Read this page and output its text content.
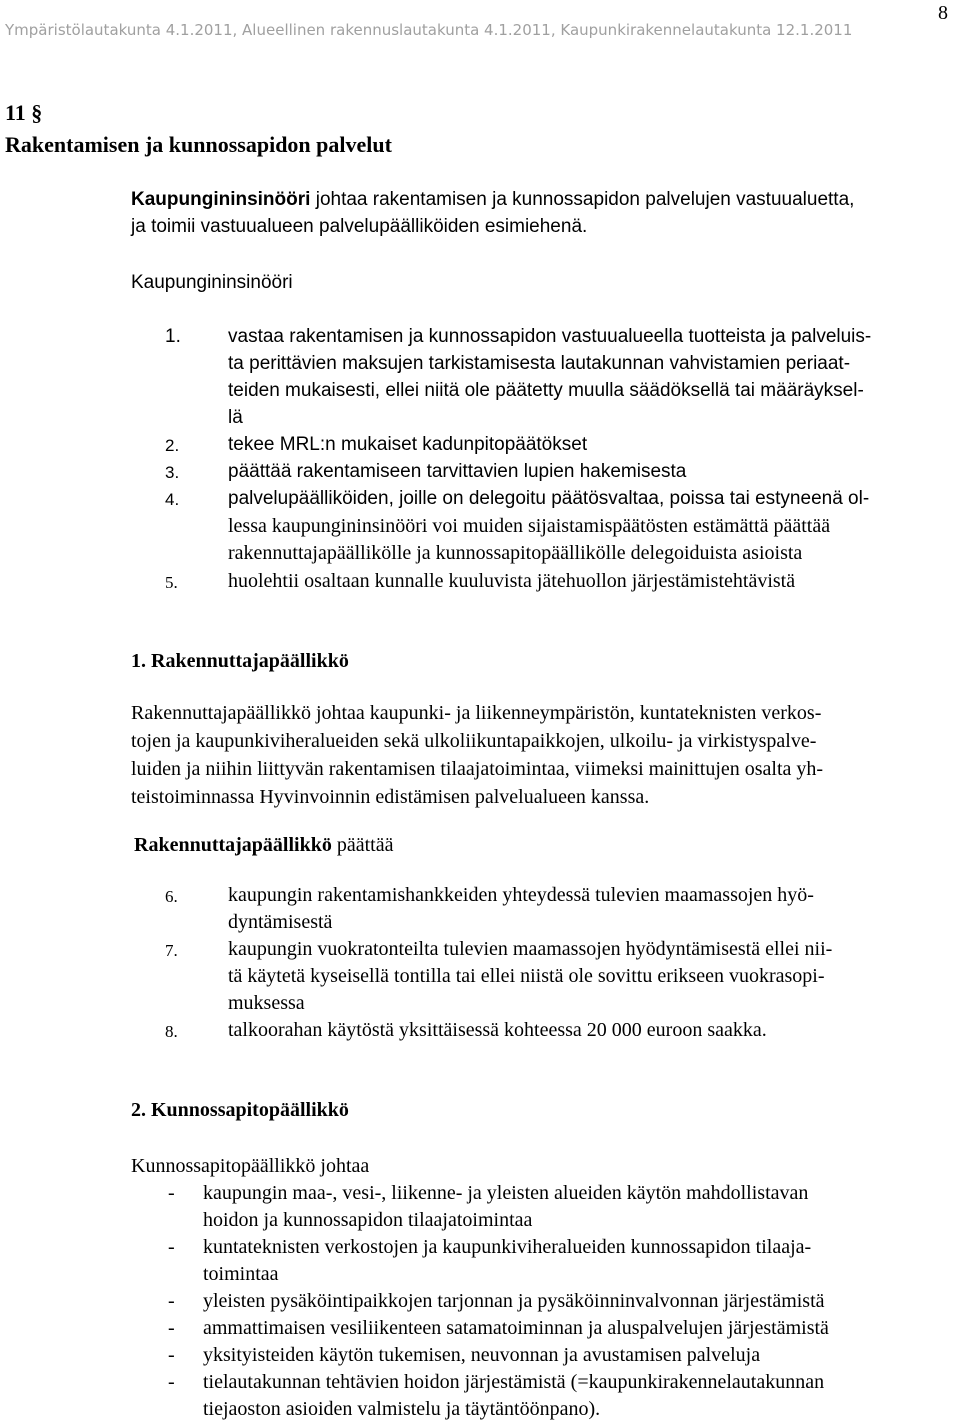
Ympäristölautakunta 4.1.2011, Alueellinen rakennuslautakunta 4.1.2011, Kaupunkirakennelautakunta 12.1.2011
8
11 §
Rakentamisen ja kunnossapidon palvelut
Kaupungininsinööri johtaa rakentamisen ja kunnossapidon palvelujen vastuualuetta,
ja toimii vastuualueen palvelupäälliköiden esimiehenä.
Kaupungininsinööri
1. vastaa rakentamisen ja kunnossapidon vastuualueella tuotteista ja palveluis-
ta perittävien maksujen tarkistamisesta lautakunnan vahvistamien periaat-
teiden mukaisesti, ellei niitä ole päätetty muulla säädöksellä tai määräyksel-
lä
2.	tekee MRL:n mukaiset kadunpitopäätökset
3.	päättää rakentamiseen tarvittavien lupien hakemisesta
4.	palvelupäälliköiden, joille on delegoitu päätösvaltaa, poissa tai estyneenä ol-
lessa kaupungininsinööri voi muiden sijaistamispäätösten estämättä päättää
rakennuttajapäällikölle ja kunnossapitopäällikölle delegoiduista asioista
5.	huolehtii osaltaan kunnalle kuuluvista jätehuollon järjestämistehtävistä
1. Rakennuttajapäällikkö
Rakennuttajapäällikkö johtaa kaupunki- ja liikenneympäristön, kuntateknisten verkos-
tojen ja kaupunkiviheralueiden sekä ulkoliikuntapaikkojen, ulkoilu- ja virkistyspalve-
luiden ja niihin liittyvän rakentamisen tilaajatoimintaa, viimeksi mainittujen osalta yh-
teistoiminnassa Hyvinvoinnin edistämisen palvelualueen kanssa.
Rakennuttajapäällikkö päättää
6.	kaupungin rakentamishankkeiden yhteydessä tulevien maamassojen hyö-
dyntämisestä
7.	kaupungin vuokratonteilta tulevien maamassojen hyödyntämisestä ellei nii-
tä käytetä kyseisellä tontilla tai ellei niistä ole sovittu erikseen vuokrasopi-
muksessa
8.	talkoorahan käytöstä yksittäisessä kohteessa 20 000 euroon saakka.
2. Kunnossapitopäällikkö
Kunnossapitopäällikkö johtaa
- kaupungin maa-, vesi-, liikenne- ja yleisten alueiden käytön mahdollistavan
hoidon ja kunnossapidon tilaajatoimintaa
- kuntateknisten verkostojen ja kaupunkiviheralueiden kunnossapidon tilaaja-
toimintaa
- yleisten pysäköintipaikkojen tarjonnan ja pysäköinninvalvonnan järjestämistä
- ammattimaisen vesiliikenteen satamatoiminnan ja aluspalvelujen järjestämistä
- yksityisteiden käytön tukemisen, neuvonnan ja avustamisen palveluja
- tielautakunnan tehtävien hoidon järjestämistä (=kaupunkirakennelautakunnan
tiejaoston asioiden valmistelu ja täytäntöönpano).
